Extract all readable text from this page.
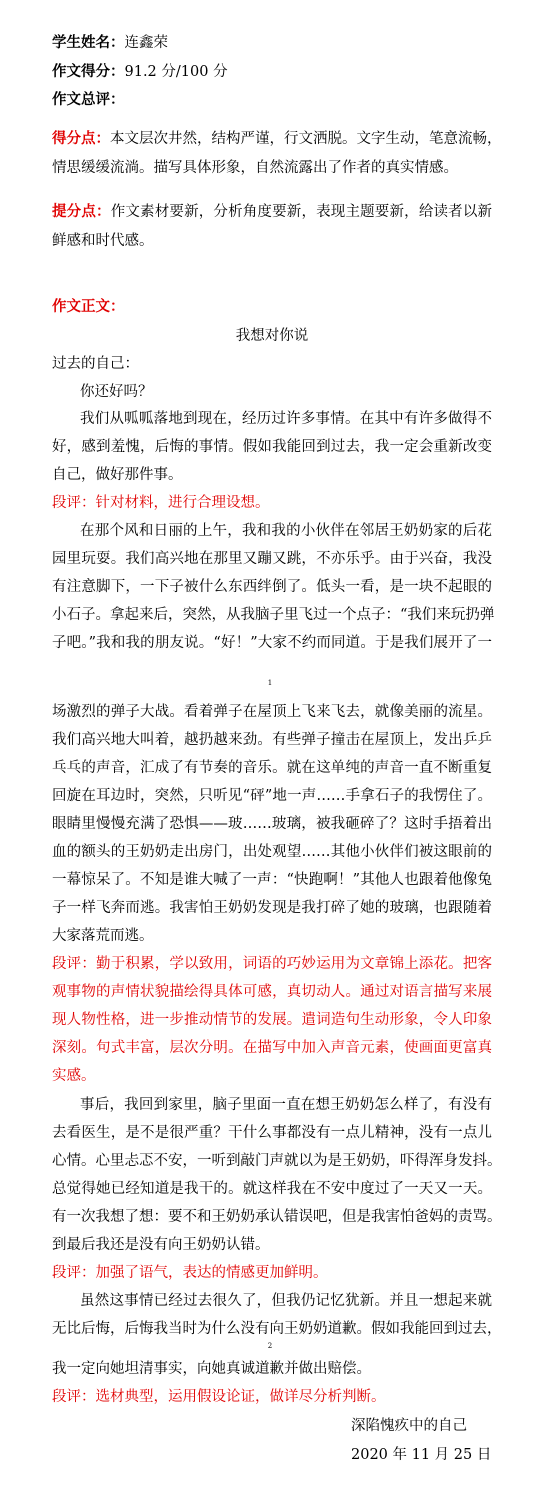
学生姓名：连鑫荣
作文得分：91.2 分/100 分
作文总评：
得分点：本文层次井然，结构严谨，行文洒脱。文字生动，笔意流畅，
情思缓缓流淌。描写具体形象，自然流露出了作者的真实情感。
提分点：作文素材要新，分析角度要新，表现主题要新，给读者以新
鲜感和时代感。
作文正文：
我想对你说
过去的自己：
你还好吗？
我们从呱呱落地到现在，经历过许多事情。在其中有许多做得不
好，感到羞愧，后悔的事情。假如我能回到过去，我一定会重新改变
自己，做好那件事。
段评：针对材料，进行合理设想。
在那个风和日丽的上午，我和我的小伙伴在邻居王奶奶家的后花
园里玩耍。我们高兴地在那里又蹦又跳，不亦乐乎。由于兴奋，我没
有注意脚下，一下子被什么东西绊倒了。低头一看，是一块不起眼的
小石子。拿起来后，突然，从我脑子里飞过一个点子：“我们来玩扔弹
子吧。”我和我的朋友说。“好！”大家不约而同道。于是我们展开了一
1
场激烈的弹子大战。看着弹子在屋顶上飞来飞去，就像美丽的流星。
我们高兴地大叫着，越扔越来劲。有些弹子撞击在屋顶上，发出乒乒
乓乓的声音，汇成了有节奏的音乐。就在这单纯的声音一直不断重复
回旋在耳边时，突然，只听见“砰”地一声……手拿石子的我愣住了。
眼睛里慢慢充满了恐惧——玻……玻璃，被我砸碎了？这时手捂着出
血的额头的王奶奶走出房门，出处观望……其他小伙伴们被这眼前的
一幕惊呆了。不知是谁大喊了一声：“快跑啊！”其他人也跟着他像兔
子一样飞奔而逃。我害怕王奶奶发现是我打碎了她的玻璃，也跟随着
大家落荒而逃。
段评：勤于积累，学以致用，词语的巧妙运用为文章锦上添花。把客
观事物的声情状貌描绘得具体可感，真切动人。通过对语言描写来展
现人物性格，进一步推动情节的发展。遣词造句生动形象，令人印象
深刻。句式丰富，层次分明。在描写中加入声音元素，使画面更富真
实感。
事后，我回到家里，脑子里面一直在想王奶奶怎么样了，有没有
去看医生，是不是很严重？干什么事都没有一点儿精神，没有一点儿
心情。心里忐忑不安，一听到敲门声就以为是王奶奶，吓得浑身发抖。
总觉得她已经知道是我干的。就这样我在不安中度过了一天又一天。
有一次我想了想：要不和王奶奶承认错误吧，但是我害怕爸妈的责骂。
到最后我还是没有向王奶奶认错。
段评：加强了语气，表达的情感更加鲜明。
虽然这事情已经过去很久了，但我仍记忆犹新。并且一想起来就
无比后悔，后悔我当时为什么没有向王奶奶道歉。假如我能回到过去，
2
我一定向她坦清事实，向她真诚道歉并做出赔偿。
段评：选材典型，运用假设论证，做详尽分析判断。
深陷愧疚中的自己
2020 年 11 月 25 日
